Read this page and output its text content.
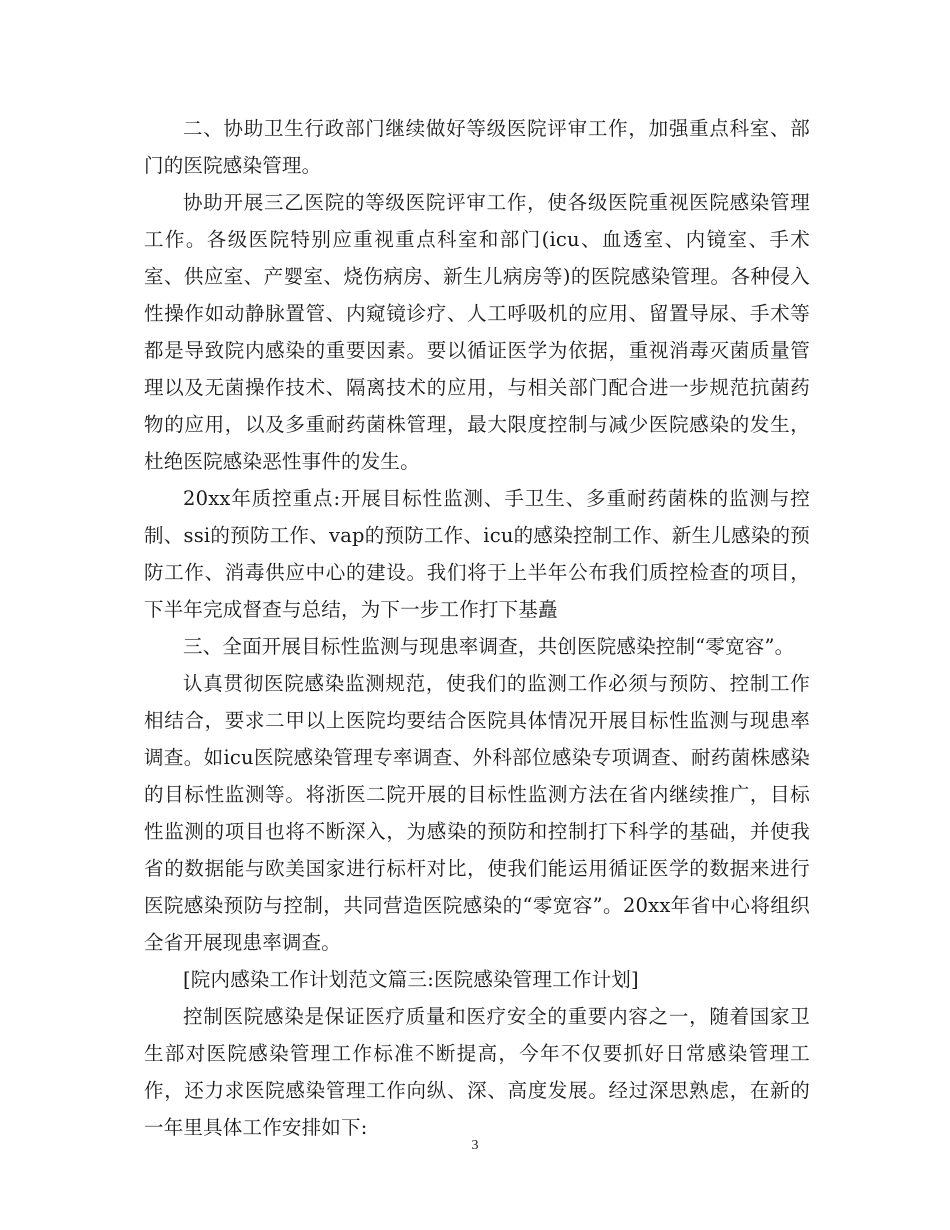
二、协助卫生行政部门继续做好等级医院评审工作，加强重点科室、部门的医院感染管理。

协助开展三乙医院的等级医院评审工作，使各级医院重视医院感染管理工作。各级医院特别应重视重点科室和部门(icu、血透室、内镜室、手术室、供应室、产婴室、烧伤病房、新生儿病房等)的医院感染管理。各种侵入性操作如动静脉置管、内窥镜诊疗、人工呼吸机的应用、留置导尿、手术等都是导致院内感染的重要因素。要以循证医学为依据，重视消毒灭菌质量管理以及无菌操作技术、隔离技术的应用，与相关部门配合进一步规范抗菌药物的应用，以及多重耐药菌株管理，最大限度控制与减少医院感染的发生，杜绝医院感染恶性事件的发生。

20xx年质控重点:开展目标性监测、手卫生、多重耐药菌株的监测与控制、ssi的预防工作、vap的预防工作、icu的感染控制工作、新生儿感染的预防工作、消毒供应中心的建设。我们将于上半年公布我们质控检查的项目，下半年完成督查与总结，为下一步工作打下基矗

三、全面开展目标性监测与现患率调查，共创医院感染控制“零宽容”。

认真贯彻医院感染监测规范，使我们的监测工作必须与预防、控制工作相结合，要求二甲以上医院均要结合医院具体情况开展目标性监测与现患率调查。如icu医院感染管理专率调查、外科部位感染专项调查、耐药菌株感染的目标性监测等。将浙医二院开展的目标性监测方法在省内继续推广，目标性监测的项目也将不断深入，为感染的预防和控制打下科学的基础，并使我省的数据能与欧美国家进行标杆对比，使我们能运用循证医学的数据来进行医院感染预防与控制，共同营造医院感染的“零宽容”。20xx年省中心将组织全省开展现患率调查。

[院内感染工作计划范文篇三:医院感染管理工作计划]

控制医院感染是保证医疗质量和医疗安全的重要内容之一，随着国家卫生部对医院感染管理工作标准不断提高，今年不仅要抓好日常感染管理工作，还力求医院感染管理工作向纵、深、高度发展。经过深思熟虑，在新的一年里具体工作安排如下:

3
